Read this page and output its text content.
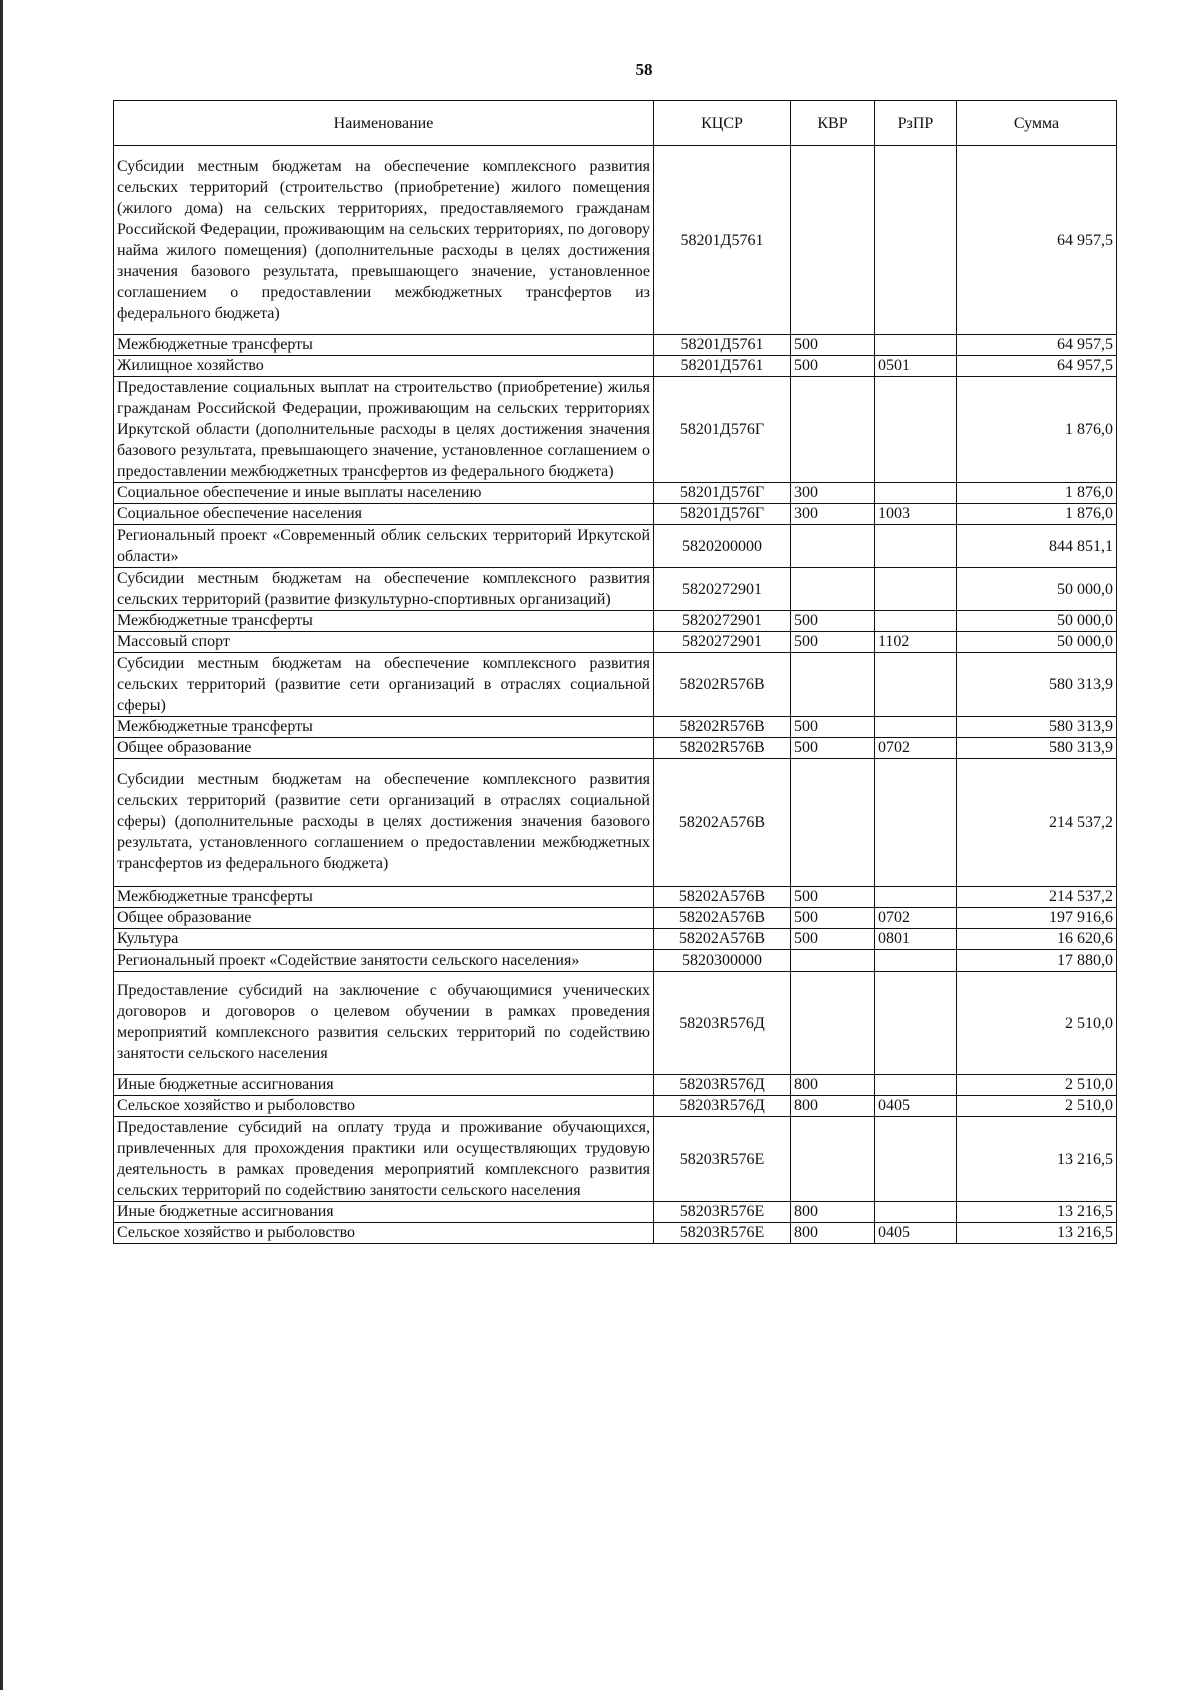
58
Наименование	КЦСР	КВР	РзПР	Сумма
Субсидии местным бюджетам на обеспечение комплексного развития сельских территорий (строительство (приобретение) жилого помещения (жилого дома) на сельских территориях, предоставляемого гражданам Российской Федерации, проживающим на сельских территориях, по договору найма жилого помещения) (дополнительные расходы в целях достижения значения базового результата, превышающего значение, установленное соглашением о предоставлении межбюджетных трансфертов из федерального бюджета)	58201Д5761			64 957,5
Межбюджетные трансферты	58201Д5761	500		64 957,5
Жилищное хозяйство	58201Д5761	500	0501	64 957,5
Предоставление социальных выплат на строительство (приобретение) жилья гражданам Российской Федерации, проживающим на сельских территориях Иркутской области (дополнительные расходы в целях достижения значения базового результата, превышающего значение, установленное соглашением о предоставлении межбюджетных трансфертов из федерального бюджета)	58201Д576Г			1 876,0
Социальное обеспечение и иные выплаты населению	58201Д576Г	300		1 876,0
Социальное обеспечение населения	58201Д576Г	300	1003	1 876,0
Региональный проект «Современный облик сельских территорий Иркутской области»	5820200000			844 851,1
Субсидии местным бюджетам на обеспечение комплексного развития сельских территорий (развитие физкультурно-спортивных организаций)	5820272901			50 000,0
Межбюджетные трансферты	5820272901	500		50 000,0
Массовый спорт	5820272901	500	1102	50 000,0
Субсидии местным бюджетам на обеспечение комплексного развития сельских территорий (развитие сети организаций в отраслях социальной сферы)	58202R576B			580 313,9
Межбюджетные трансферты	58202R576B	500		580 313,9
Общее образование	58202R576B	500	0702	580 313,9
Субсидии местным бюджетам на обеспечение комплексного развития сельских территорий (развитие сети организаций в отраслях социальной сферы) (дополнительные расходы в целях достижения значения базового результата, установленного соглашением о предоставлении межбюджетных трансфертов из федерального бюджета)	58202A576B			214 537,2
Межбюджетные трансферты	58202A576B	500		214 537,2
Общее образование	58202A576B	500	0702	197 916,6
Культура	58202A576B	500	0801	16 620,6
Региональный проект «Содействие занятости сельского населения»	5820300000			17 880,0
Предоставление субсидий на заключение с обучающимися ученических договоров и договоров о целевом обучении в рамках проведения мероприятий комплексного развития сельских территорий по содействию занятости сельского населения	58203R576Д			2 510,0
Иные бюджетные ассигнования	58203R576Д	800		2 510,0
Сельское хозяйство и рыболовство	58203R576Д	800	0405	2 510,0
Предоставление субсидий на оплату труда и проживание обучающихся, привлеченных для прохождения практики или осуществляющих трудовую деятельность в рамках проведения мероприятий комплексного развития сельских территорий по содействию занятости сельского населения	58203R576E			13 216,5
Иные бюджетные ассигнования	58203R576E	800		13 216,5
Сельское хозяйство и рыболовство	58203R576E	800	0405	13 216,5
